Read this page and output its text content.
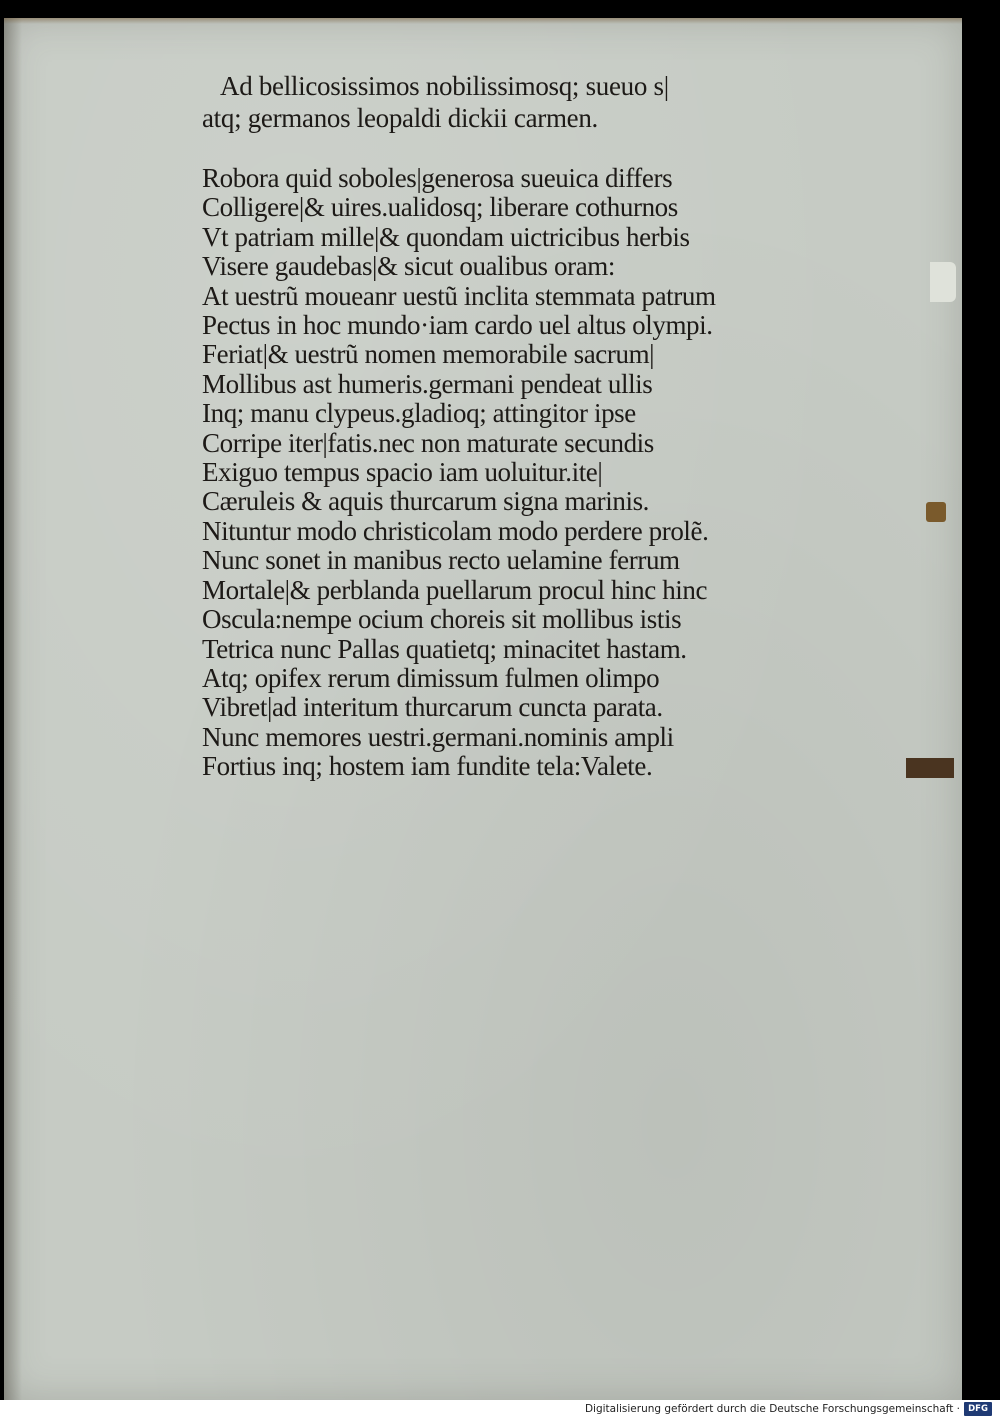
Ad bellicosissimos nobilissimosq; sueuo s|

atq; germanos leopaldi dickii carmen.

Robora quid soboles|generosa sueuica differs

Colligere|& uires.ualidosq; liberare cothurnos

Vt patriam mille|& quondam uictricibus herbis

Visere gaudebas|& sicut oualibus oram:

At uestrũ moueanr uestũ inclita stemmata patrum

Pectus in hoc mundo·iam cardo uel altus olympi.

Feriat|& uestrũ nomen memorabile sacrum|

Mollibus ast humeris.germani pendeat ullis

Inq; manu clypeus.gladioq; attingitor ipse

Corripe iter|fatis.nec non maturate secundis

Exiguo tempus spacio iam uoluitur.ite|

Cæruleis & aquis thurcarum signa marinis.

Nituntur modo christicolam modo perdere prolẽ.

Nunc sonet in manibus recto uelamine ferrum

Mortale|& perblanda puellarum procul hinc hinc

Oscula:nempe ocium choreis sit mollibus istis

Tetrica nunc Pallas quatietq; minacitet hastam.

Atq; opifex rerum dimissum fulmen olimpo

Vibret|ad interitum thurcarum cuncta parata.

Nunc memores uestri.germani.nominis ampli

Fortius inq; hostem iam fundite tela:Valete.

Digitalisierung gefördert durch die Deutsche Forschungsgemeinschaft · DFG
